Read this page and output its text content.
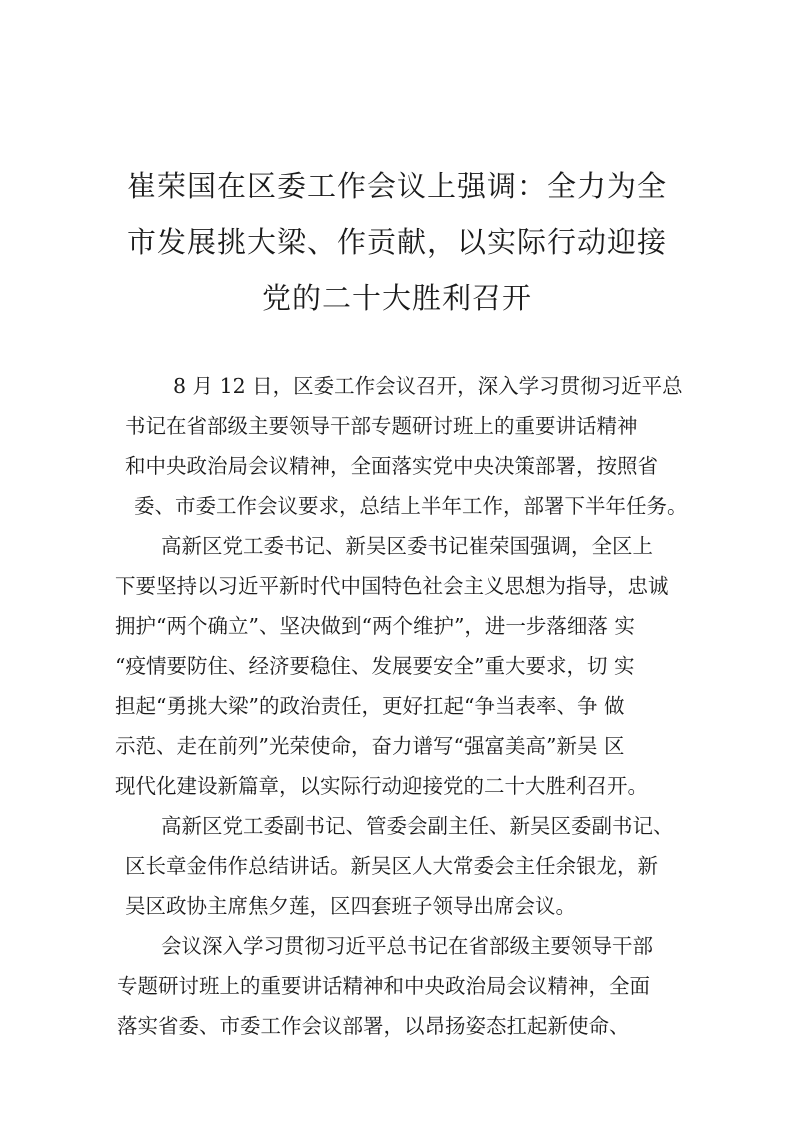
崔荣国在区委工作会议上强调：全力为全
市发展挑大梁、作贡献，以实际行动迎接
党的二十大胜利召开
8 月 12 日，区委工作会议召开，深入学习贯彻习近平总
书记在省部级主要领导干部专题研讨班上的重要讲话精神
和中央政治局会议精神，全面落实党中央决策部署，按照省
委、市委工作会议要求，总结上半年工作，部署下半年任务。
高新区党工委书记、新吴区委书记崔荣国强调，全区上
下要坚持以习近平新时代中国特色社会主义思想为指导，忠诚
拥护“两个确立”、坚决做到“两个维护”，进一步落细落 实
“疫情要防住、经济要稳住、发展要安全”重大要求，切 实
担起“勇挑大梁”的政治责任，更好扛起“争当表率、争 做
示范、走在前列”光荣使命，奋力谱写“强富美高”新吴 区
现代化建设新篇章，以实际行动迎接党的二十大胜利召开。
高新区党工委副书记、管委会副主任、新吴区委副书记、
区长章金伟作总结讲话。新吴区人大常委会主任余银龙，新
吴区政协主席焦夕莲，区四套班子领导出席会议。
会议深入学习贯彻习近平总书记在省部级主要领导干部
专题研讨班上的重要讲话精神和中央政治局会议精神，全面
落实省委、市委工作会议部署，以昂扬姿态扛起新使命、
